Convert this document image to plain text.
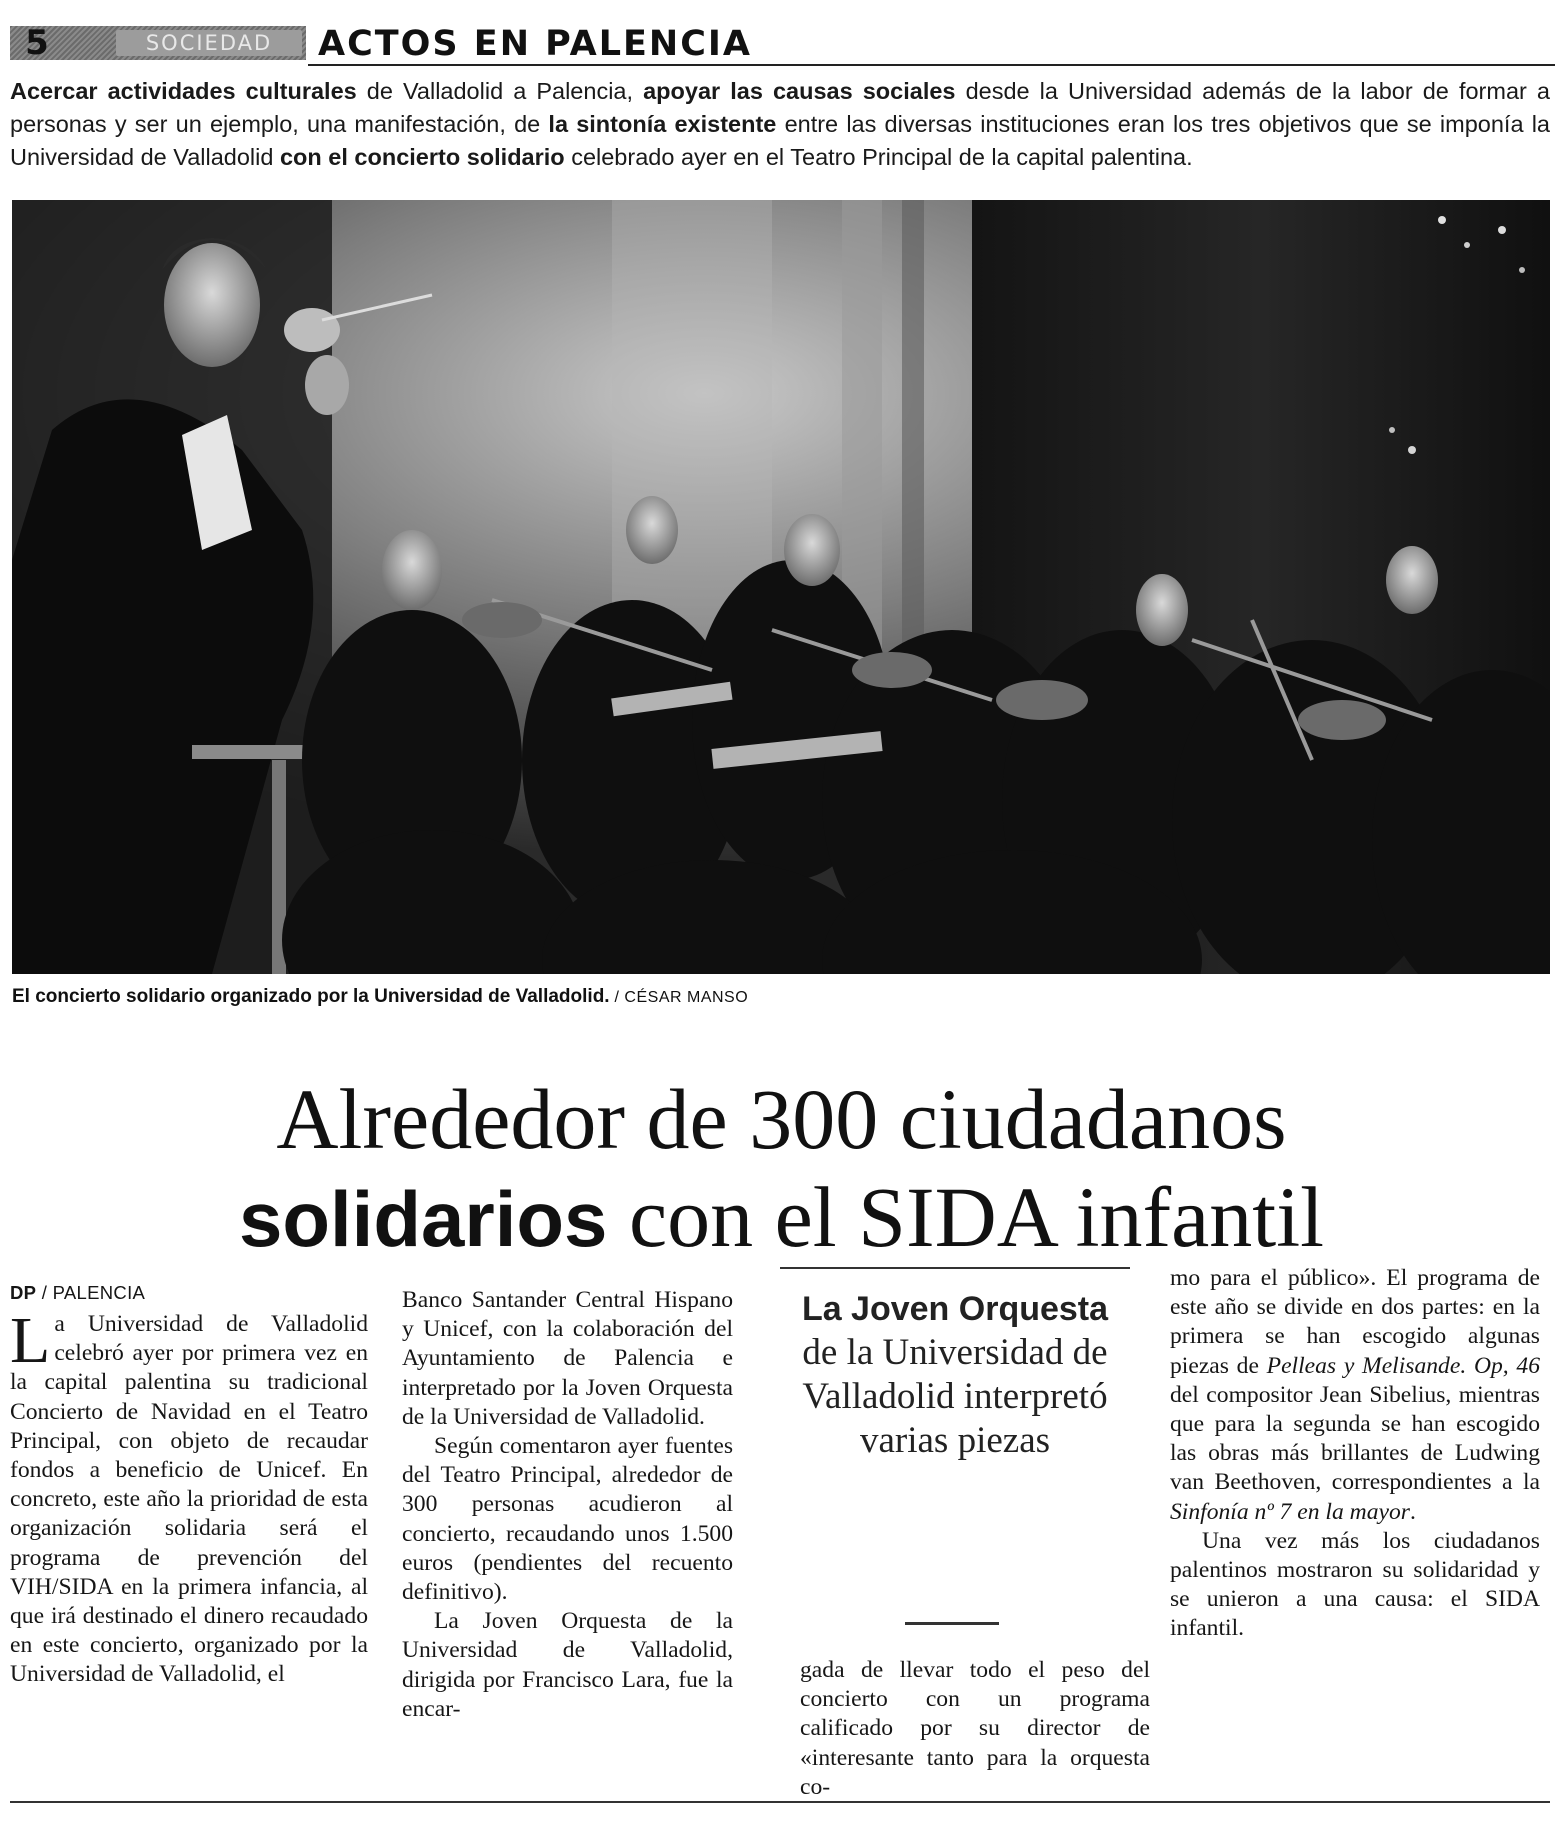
5	SOCIEDAD	ACTOS EN PALENCIA

Acercar actividades culturales de Valladolid a Palencia, apoyar las causas sociales desde la Universidad además de la labor de formar a personas y ser un ejemplo, una manifestación, de la sintonía existente entre las diversas instituciones eran los tres objetivos que se imponía la Universidad de Valladolid con el concierto solidario celebrado ayer en el Teatro Principal de la capital palentina.

El concierto solidario organizado por la Universidad de Valladolid. / CÉSAR MANSO
Alrededor de 300 ciudadanos
solidarios con el SIDA infantil
DP / PALENCIA

La Universidad de Valladolid celebró ayer por primera vez en la capital palentina su tradicional Concierto de Navidad en el Teatro Principal, con objeto de recaudar fondos a beneficio de Unicef. En concreto, este año la prioridad de esta organización solidaria será el programa de prevención del VIH/SIDA en la primera infancia, al que irá destinado el dinero recaudado en este concierto, organizado por la Universidad de Valladolid, el

Banco Santander Central Hispano y Unicef, con la colaboración del Ayuntamiento de Palencia e interpretado por la Joven Orquesta de la Universidad de Valladolid.

Según comentaron ayer fuentes del Teatro Principal, alrededor de 300 personas acudieron al concierto, recaudando unos 1.500 euros (pendientes del recuento definitivo).

La Joven Orquesta de la Universidad de Valladolid, dirigida por Francisco Lara, fue la encar-

La Joven Orquesta
de la Universidad de Valladolid interpretó varias piezas

gada de llevar todo el peso del concierto con un programa calificado por su director de «interesante tanto para la orquesta co-

mo para el público». El programa de este año se divide en dos partes: en la primera se han escogido algunas piezas de Pelleas y Melisande. Op, 46 del compositor Jean Sibelius, mientras que para la segunda se han escogido las obras más brillantes de Ludwing van Beethoven, correspondientes a la Sinfonía nº 7 en la mayor.

Una vez más los ciudadanos palentinos mostraron su solidaridad y se unieron a una causa: el SIDA infantil.
